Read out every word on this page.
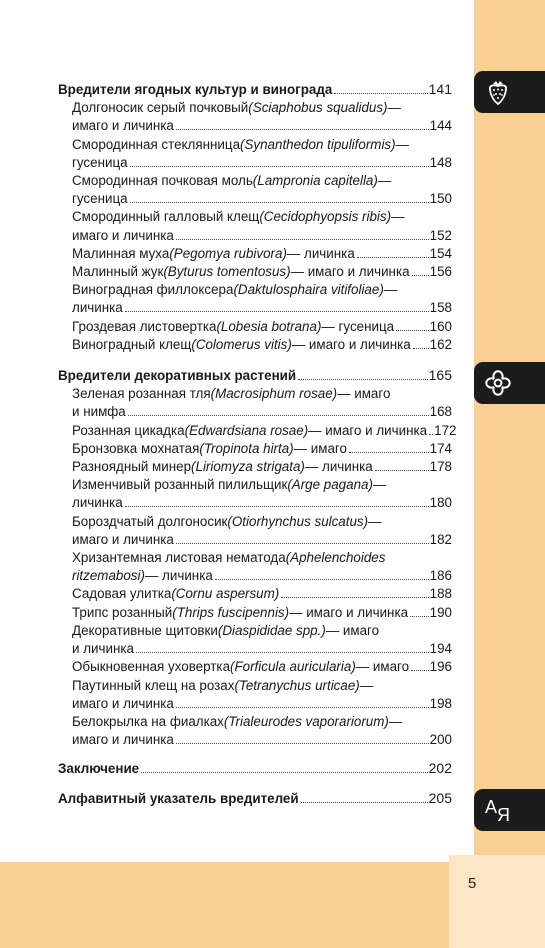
5
А Я
Вредители ягодных культур и винограда	141
Долгоносик серый почковый (Sciaphobus squalidus) —
имаго и личинка	144
Смородинная стеклянница (Synanthedon tipuliformis) —
гусеница	148
Смородинная почковая моль (Lampronia capitella) —
гусеница	150
Смородинный галловый клещ (Cecidophyopsis ribis) —
имаго и личинка	152
Малинная муха (Pegomya rubivora) — личинка	154
Малинный жук (Byturus tomentosus) — имаго и личинка 156
Виноградная филлоксера (Daktulosphaira vitifoliae) —
личинка	158
Гроздевая листовертка (Lobesia botrana) — гусеница	160
Виноградный клещ (Colomerus vitis) — имаго и личинка 162
Вредители декоративных растений	165
Зеленая розанная тля (Macrosiphum rosae) — имаго
и нимфа	168
Розанная цикадка (Edwardsiana rosae) — имаго и личинка 172
Бронзовка мохнатая (Tropinota hirta) — имаго	174
Разноядный минер (Liriomyza strigata) — личинка	178
Изменчивый розанный пилильщик (Arge pagana) —
личинка	180
Бороздчатый долгоносик (Otiorhynchus sulcatus) —
имаго и личинка	182
Хризантемная листовая нематода (Aphelenchoides
ritzemabosi) — личинка	186
Садовая улитка (Cornu aspersum)	188
Трипс розанный (Thrips fuscipennis) — имаго и личинка 190
Декоративные щитовки (Diaspididae spp.) — имаго
и личинка	194
Обыкновенная уховертка (Forficula auricularia) — имаго 196
Паутинный клещ на розах (Tetranychus urticae) —
имаго и личинка	198
Белокрылка на фиалках (Trialeurodes vaporariorum) —
имаго и личинка	200
Заключение	202
Алфавитный указатель вредителей	205
